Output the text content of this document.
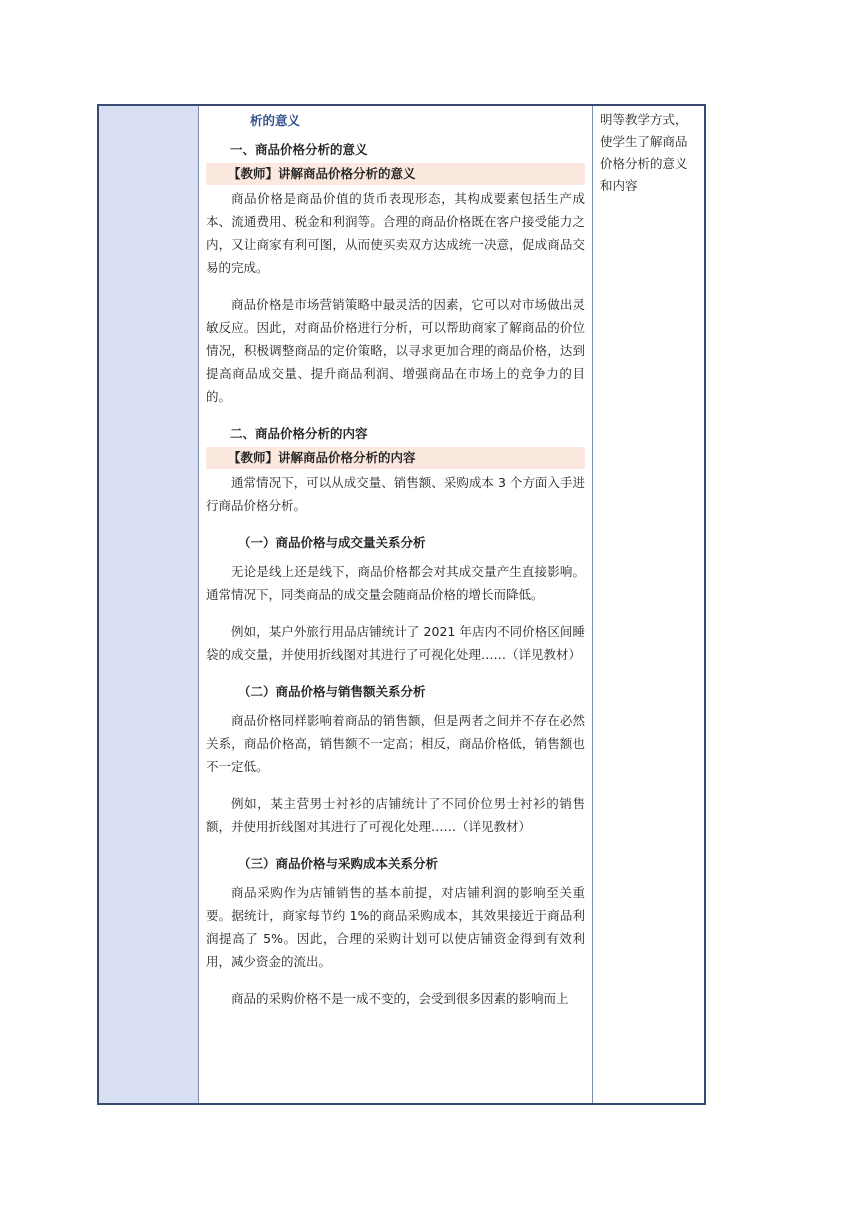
析的意义

一、商品价格分析的意义
【教师】讲解商品价格分析的意义

商品价格是商品价值的货币表现形态，其构成要素包括生产成本、流通费用、税金和利润等。合理的商品价格既在客户接受能力之内，又让商家有利可图，从而使买卖双方达成统一决意，促成商品交易的完成。

商品价格是市场营销策略中最灵活的因素，它可以对市场做出灵敏反应。因此，对商品价格进行分析，可以帮助商家了解商品的价位情况，积极调整商品的定价策略，以寻求更加合理的商品价格，达到提高商品成交量、提升商品利润、增强商品在市场上的竞争力的目的。

二、商品价格分析的内容
【教师】讲解商品价格分析的内容

通常情况下，可以从成交量、销售额、采购成本 3 个方面入手进行商品价格分析。

（一）商品价格与成交量关系分析

无论是线上还是线下，商品价格都会对其成交量产生直接影响。通常情况下，同类商品的成交量会随商品价格的增长而降低。

例如，某户外旅行用品店铺统计了 2021 年店内不同价格区间睡袋的成交量，并使用折线图对其进行了可视化处理……（详见教材）

（二）商品价格与销售额关系分析

商品价格同样影响着商品的销售额，但是两者之间并不存在必然关系，商品价格高，销售额不一定高；相反，商品价格低，销售额也不一定低。

例如，某主营男士衬衫的店铺统计了不同价位男士衬衫的销售额，并使用折线图对其进行了可视化处理……（详见教材）

（三）商品价格与采购成本关系分析

商品采购作为店铺销售的基本前提，对店铺利润的影响至关重要。据统计，商家每节约 1%的商品采购成本，其效果接近于商品利润提高了 5%。因此，合理的采购计划可以使店铺资金得到有效利用，减少资金的流出。

商品的采购价格不是一成不变的，会受到很多因素的影响而上

明等教学方式，使学生了解商品价格分析的意义和内容
